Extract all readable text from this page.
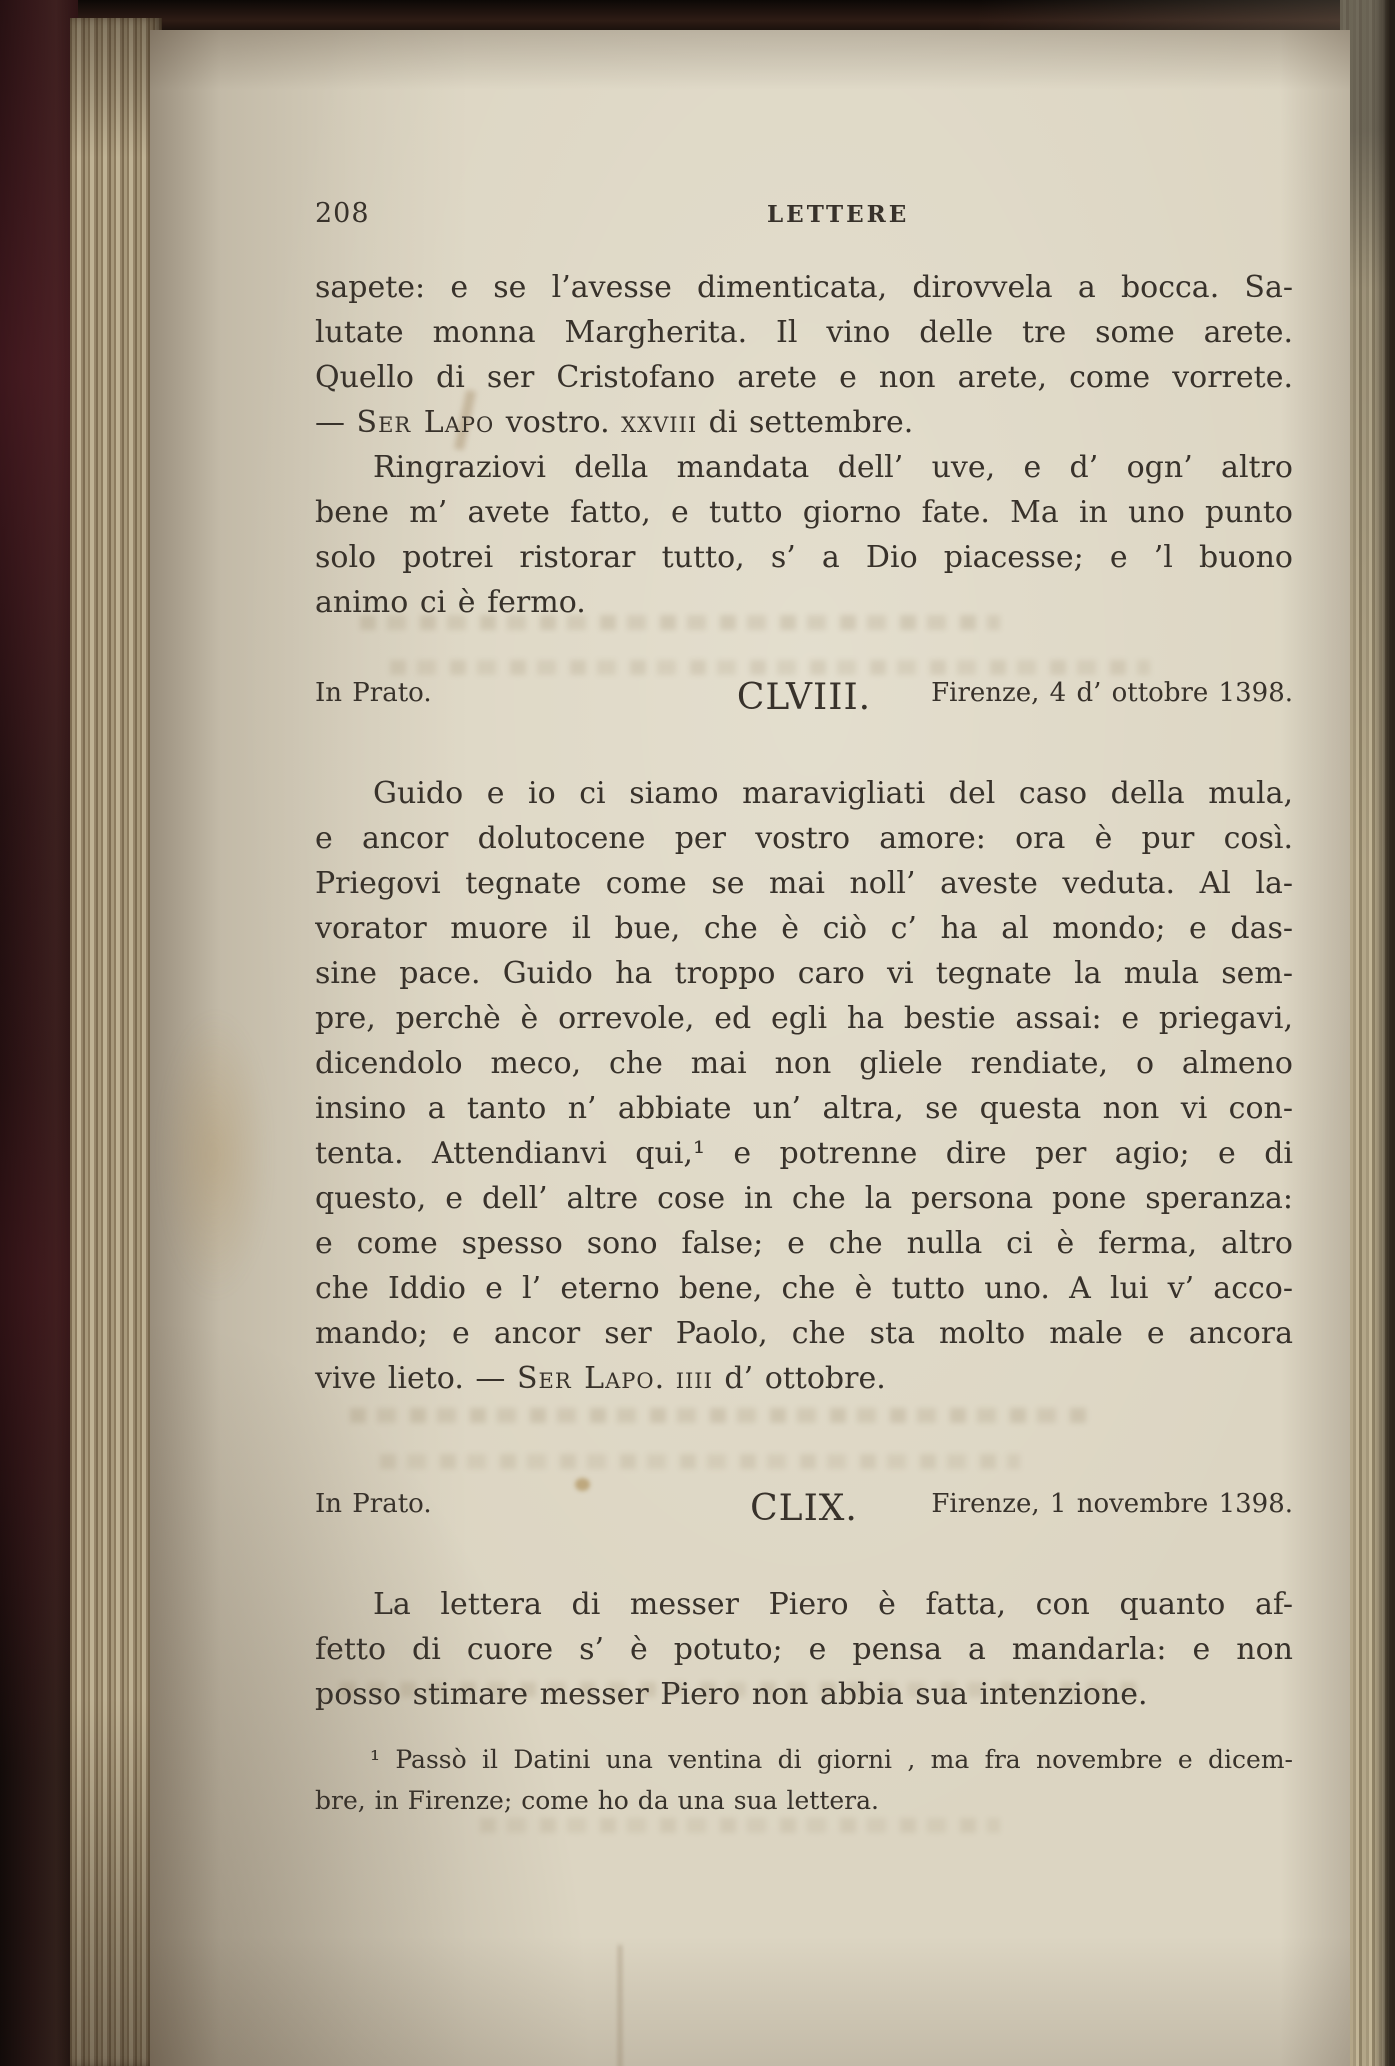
208	LETTERE
sapete: e se l’avesse dimenticata, dirovvela a bocca. Sa-
lutate monna Margherita. Il vino delle tre some arete.
Quello di ser Cristofano arete e non arete, come vorrete.
— Ser Lapo vostro. xxviii di settembre.
Ringraziovi della mandata dell’ uve, e d’ ogn’ altro
bene m’ avete fatto, e tutto giorno fate. Ma in uno punto
solo potrei ristorar tutto, s’ a Dio piacesse; e ’l buono
animo ci è fermo.
In Prato.	CLVIII.	Firenze, 4 d’ ottobre 1398.
Guido e io ci siamo maravigliati del caso della mula,
e ancor dolutocene per vostro amore: ora è pur così.
Priegovi tegnate come se mai noll’ aveste veduta. Al la-
vorator muore il bue, che è ciò c’ ha al mondo; e das-
sine pace. Guido ha troppo caro vi tegnate la mula sem-
pre, perchè è orrevole, ed egli ha bestie assai: e priegavi,
dicendolo meco, che mai non gliele rendiate, o almeno
insino a tanto n’ abbiate un’ altra, se questa non vi con-
tenta. Attendianvi qui,¹ e potrenne dire per agio; e di
questo, e dell’ altre cose in che la persona pone speranza:
e come spesso sono false; e che nulla ci è ferma, altro
che Iddio e l’ eterno bene, che è tutto uno. A lui v’ acco-
mando; e ancor ser Paolo, che sta molto male e ancora
vive lieto. — Ser Lapo. iiii d’ ottobre.
In Prato.	CLIX.	Firenze, 1 novembre 1398.
La lettera di messer Piero è fatta, con quanto af-
fetto di cuore s’ è potuto; e pensa a mandarla: e non
posso stimare messer Piero non abbia sua intenzione.
¹ Passò il Datini una ventina di giorni , ma fra novembre e dicem-
bre, in Firenze; come ho da una sua lettera.
